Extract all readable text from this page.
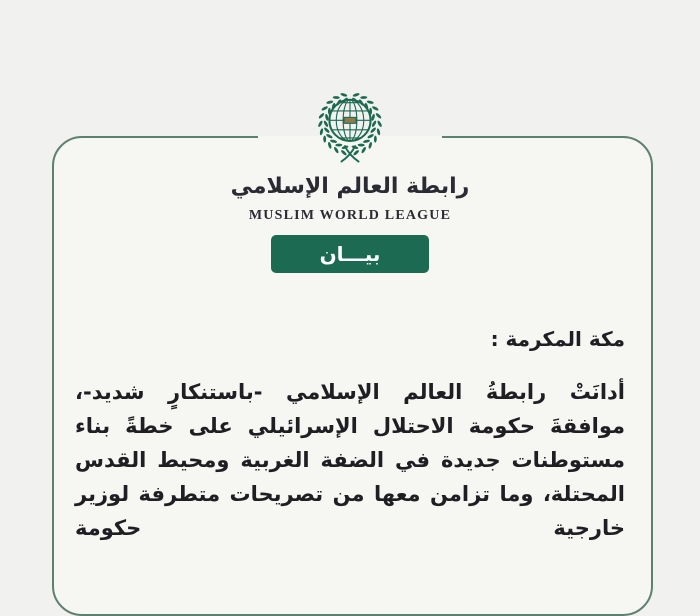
رابطة العالم الإسلامي
MUSLIM WORLD LEAGUE
بيـــان
مكة المكرمة :

أدانَتْ رابطةُ العالم الإسلامي -باستنكارٍ شديد-، موافقةَ حكومة الاحتلال الإسرائيلي على خطةً بناء مستوطنات جديدة في الضفة الغربية ومحيط القدس المحتلة، وما تزامن معها من تصريحات متطرفة لوزير خارجية حكومة
